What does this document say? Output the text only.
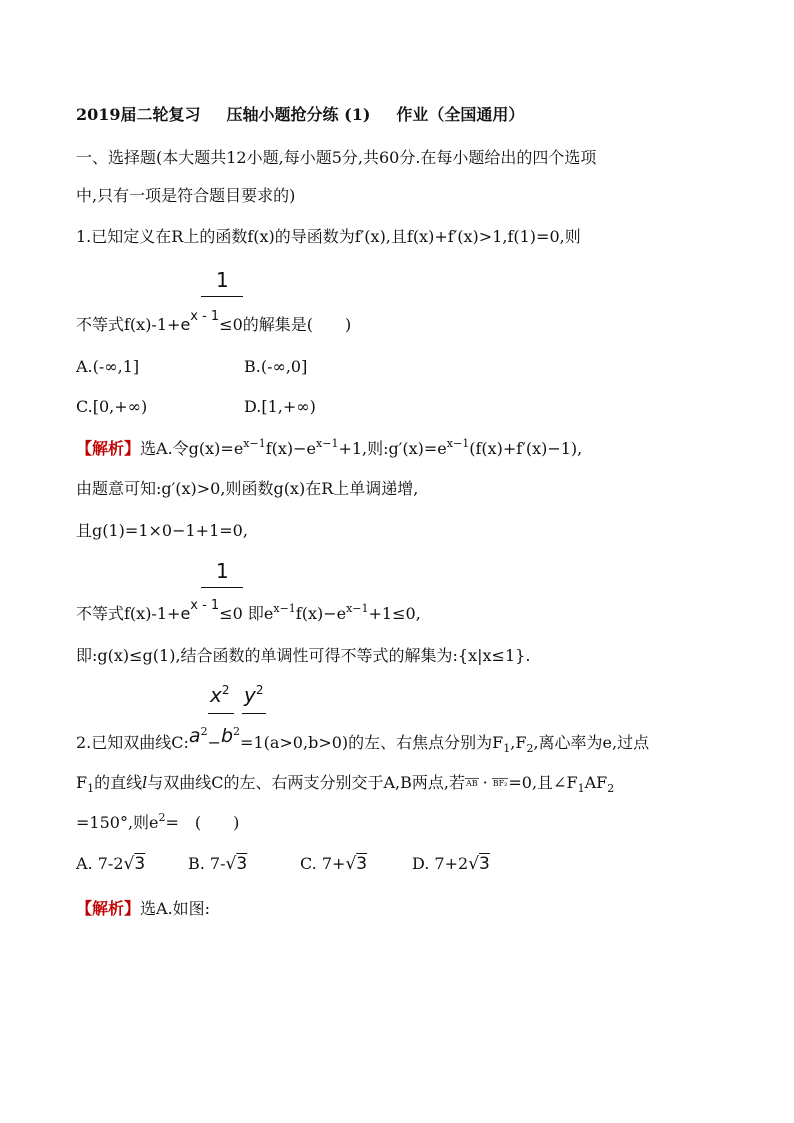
2019届二轮复习 压轴小题抢分练 (1) 作业（全国通用）
一、选择题(本大题共12小题,每小题5分,共60分.在每小题给出的四个选项
中,只有一项是符合题目要求的)
1.已知定义在R上的函数f(x)的导函数为f′(x),且f(x)+f′(x)>1,f(1)=0,则
1
不等式$f(x)-1+e^{x - 1}\le 0$的解集是(　　)
A.(-∞,1]	B.(-∞,0]
C.[0,+∞)	D.[1,+∞)
【解析】选A.令$g(x)=e^{x-1}f(x)-e^{x-1}+1$,则$:g'(x)=e^{x-1}(f(x)+f'(x)-1)$,
由题意可知:g′(x)>0,则函数g(x)在R上单调递增,
且g(1)=1×0−1+1=0,
1
不等式$f(x)-1+e^{x - 1}\le 0$ 即$e^{x-1}f(x)-e^{x-1}+1\le 0$,
即:g(x)≤g(1),结合函数的单调性可得不等式的解集为:{x|x≤1}.
$x^2$ $y^2$
2.已知双曲线$C:a^2-b^2=1(a>0,b>0)$的左、右焦点分别为$F_1,F_2$,离心率为e,过点
$F_1$的直线l与双曲线C的左、右两支分别交于A,B两点,若AB · BF₂=0,且$\angle F_1AF_2$
=150°,则$e^2=$　(　　)
A. 7-2√3	B. 7-√3	C. 7+√3	D. 7+2√3
【解析】选A.如图:
